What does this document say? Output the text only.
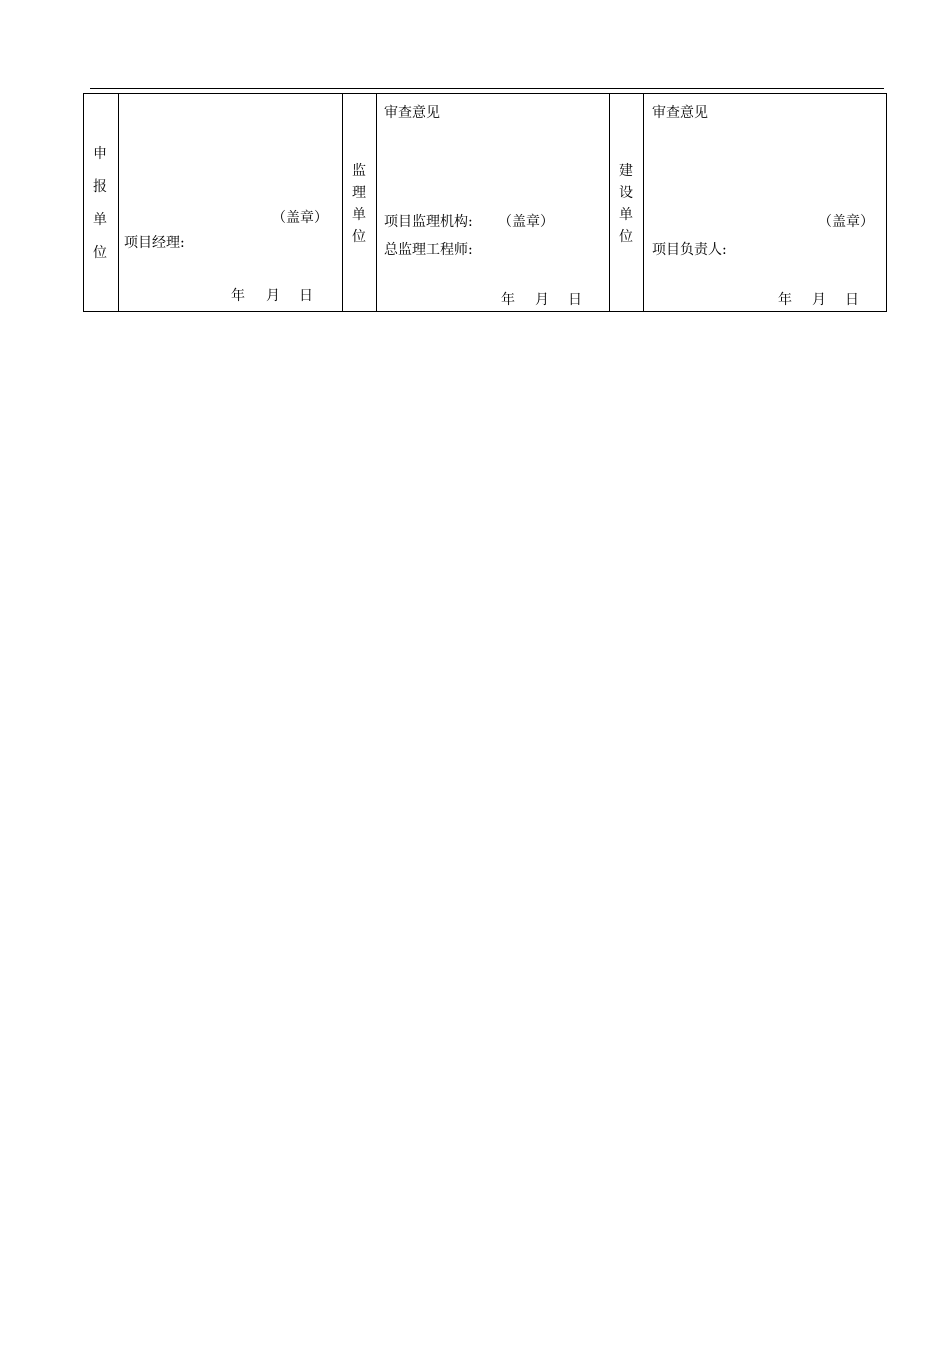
申
报
单
位
（盖章）
项目经理:
年 月 日
监
理
单
位
审查意见
项目监理机构: （盖章）
总监理工程师:
年 月 日
建
设
单
位
审查意见
（盖章）
项目负责人:
年 月 日
